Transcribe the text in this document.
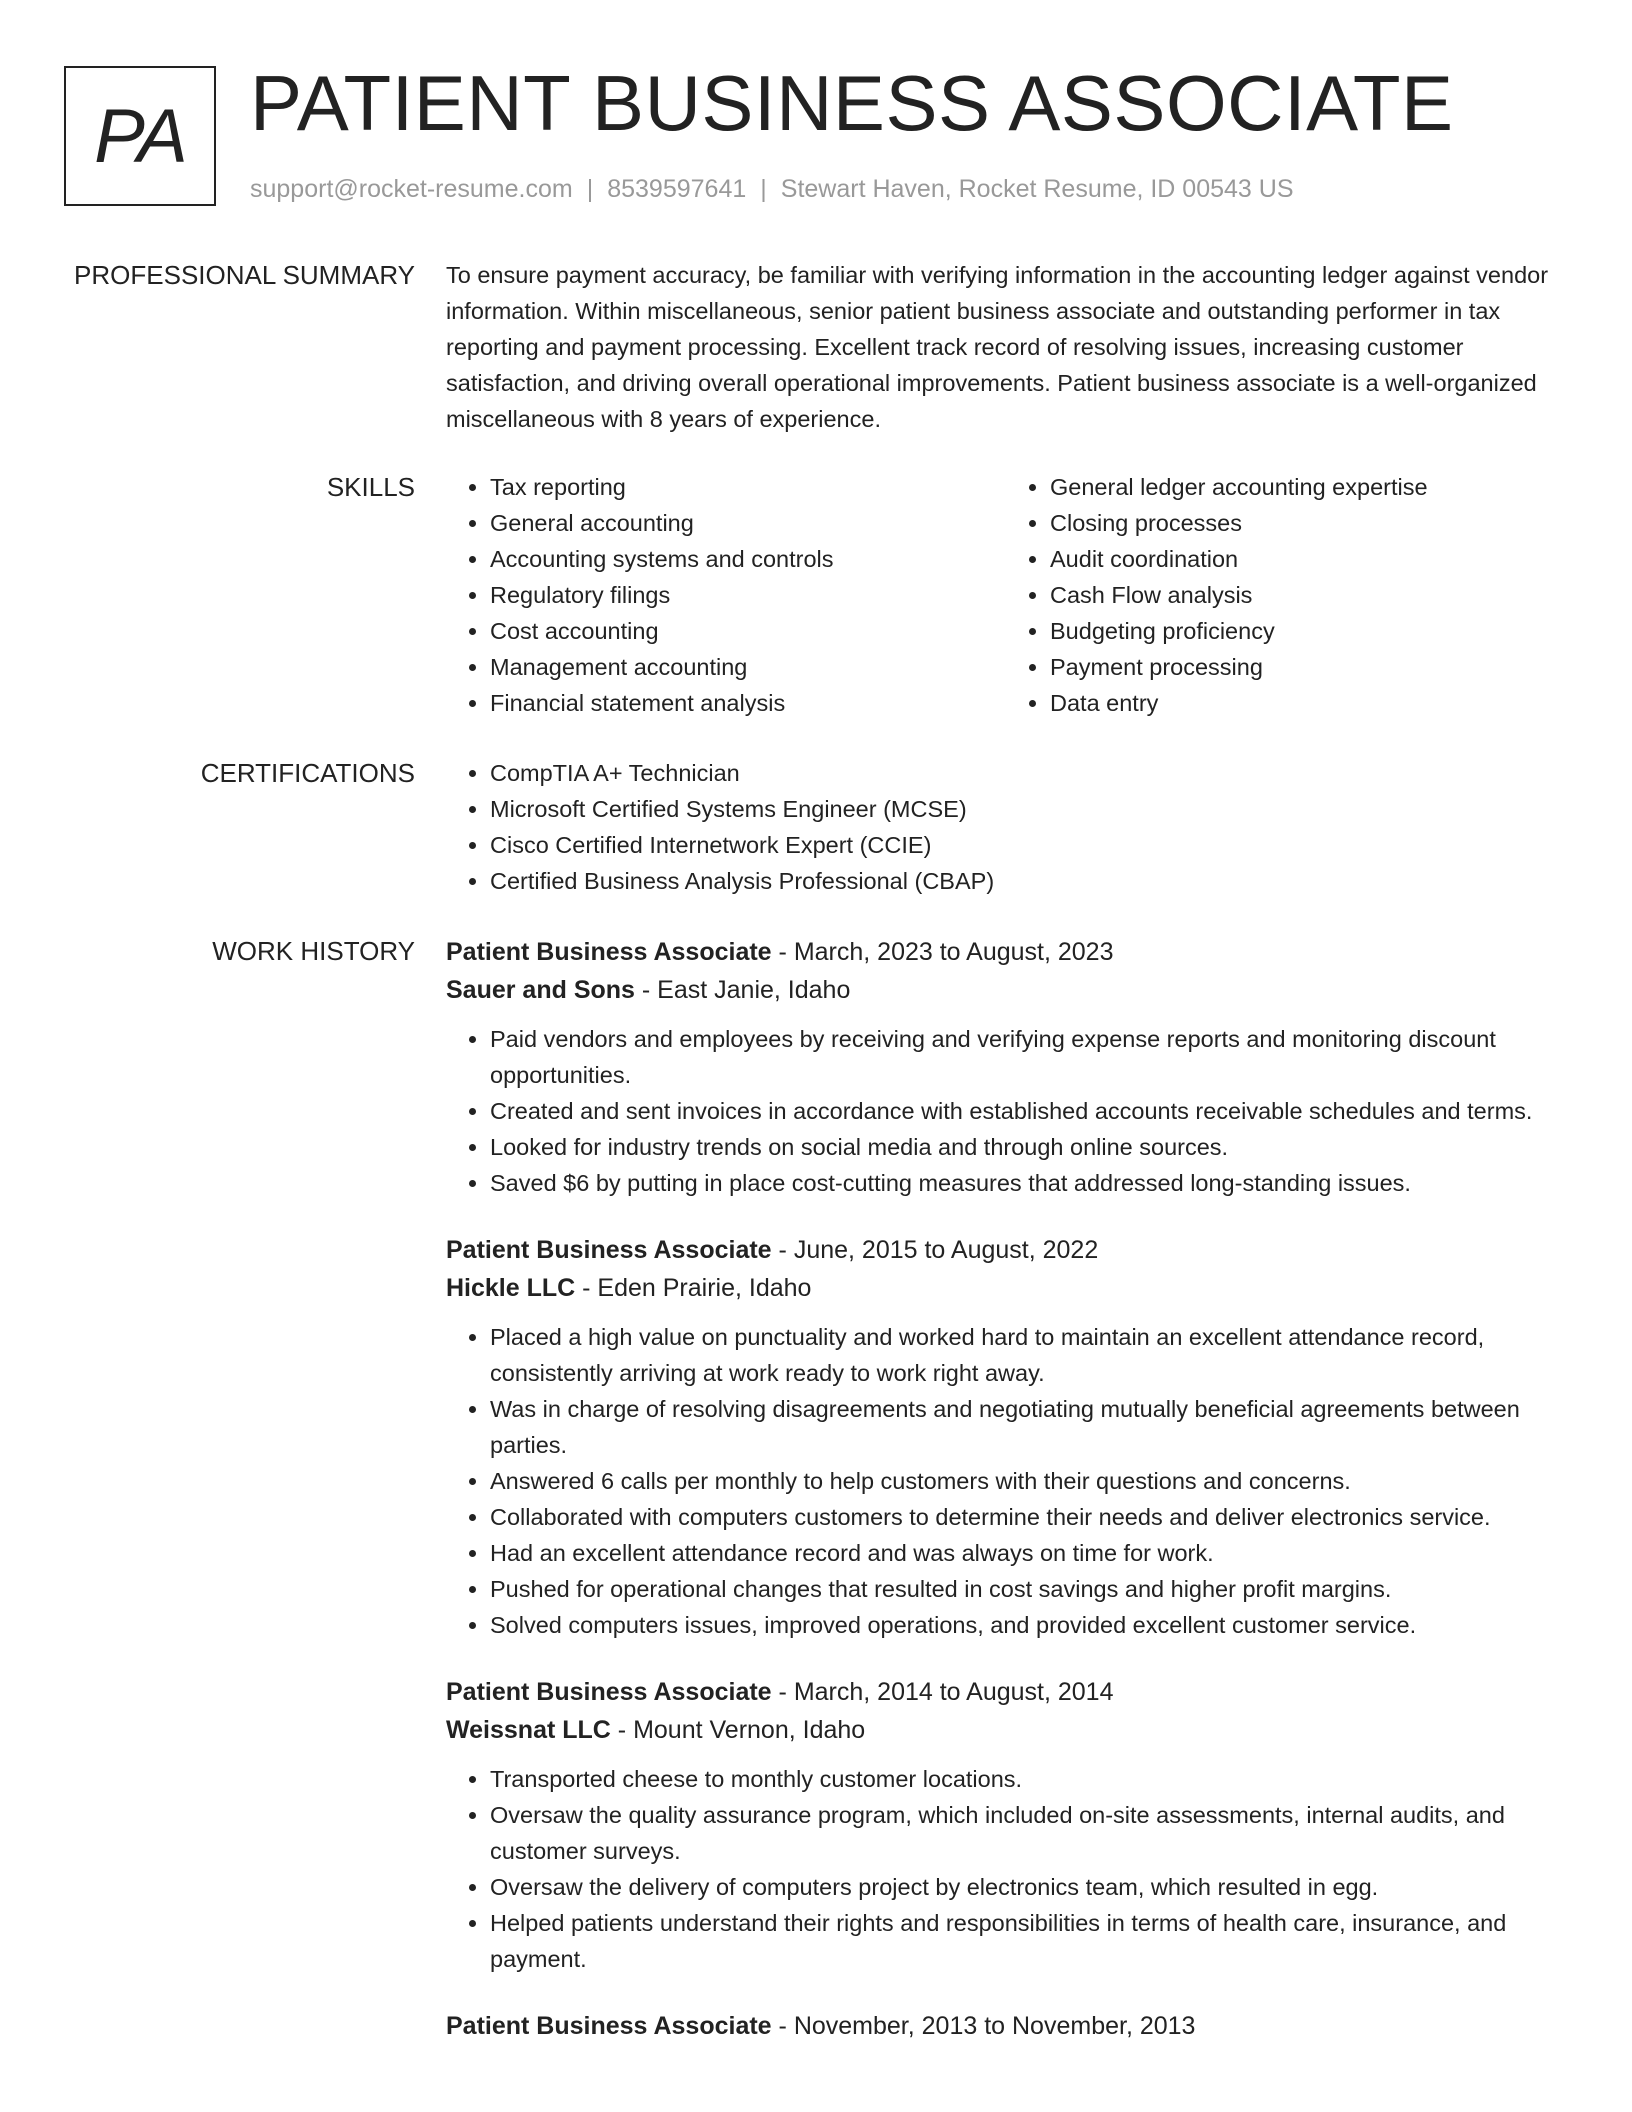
PA PATIENT BUSINESS ASSOCIATE
support@rocket-resume.com | 8539597641 | Stewart Haven, Rocket Resume, ID 00543 US
PROFESSIONAL SUMMARY To ensure payment accuracy, be familiar with verifying information in the accounting ledger against vendor information. Within miscellaneous, senior patient business associate and outstanding performer in tax reporting and payment processing. Excellent track record of resolving issues, increasing customer satisfaction, and driving overall operational improvements. Patient business associate is a well-organized miscellaneous with 8 years of experience.
SKILLS	• Tax reporting
• General accounting
• Accounting systems and controls
• Regulatory filings
• Cost accounting
• Management accounting
• Financial statement analysis
• General ledger accounting expertise
• Closing processes
• Audit coordination
• Cash Flow analysis
• Budgeting proficiency
• Payment processing
• Data entry
CERTIFICATIONS	• CompTIA A+ Technician
• Microsoft Certified Systems Engineer (MCSE)
• Cisco Certified Internetwork Expert (CCIE)
• Certified Business Analysis Professional (CBAP)
WORK HISTORY Patient Business Associate - March, 2023 to August, 2023
Sauer and Sons - East Janie, Idaho
• Paid vendors and employees by receiving and verifying expense reports and monitoring discount opportunities.
• Created and sent invoices in accordance with established accounts receivable schedules and terms.
• Looked for industry trends on social media and through online sources.
• Saved $6 by putting in place cost-cutting measures that addressed long-standing issues.
Patient Business Associate - June, 2015 to August, 2022
Hickle LLC - Eden Prairie, Idaho
• Placed a high value on punctuality and worked hard to maintain an excellent attendance record, consistently arriving at work ready to work right away.
• Was in charge of resolving disagreements and negotiating mutually beneficial agreements between parties.
• Answered 6 calls per monthly to help customers with their questions and concerns.
• Collaborated with computers customers to determine their needs and deliver electronics service.
• Had an excellent attendance record and was always on time for work.
• Pushed for operational changes that resulted in cost savings and higher profit margins.
• Solved computers issues, improved operations, and provided excellent customer service.
Patient Business Associate - March, 2014 to August, 2014
Weissnat LLC - Mount Vernon, Idaho
• Transported cheese to monthly customer locations.
• Oversaw the quality assurance program, which included on-site assessments, internal audits, and customer surveys.
• Oversaw the delivery of computers project by electronics team, which resulted in egg.
• Helped patients understand their rights and responsibilities in terms of health care, insurance, and payment.
Patient Business Associate - November, 2013 to November, 2013
